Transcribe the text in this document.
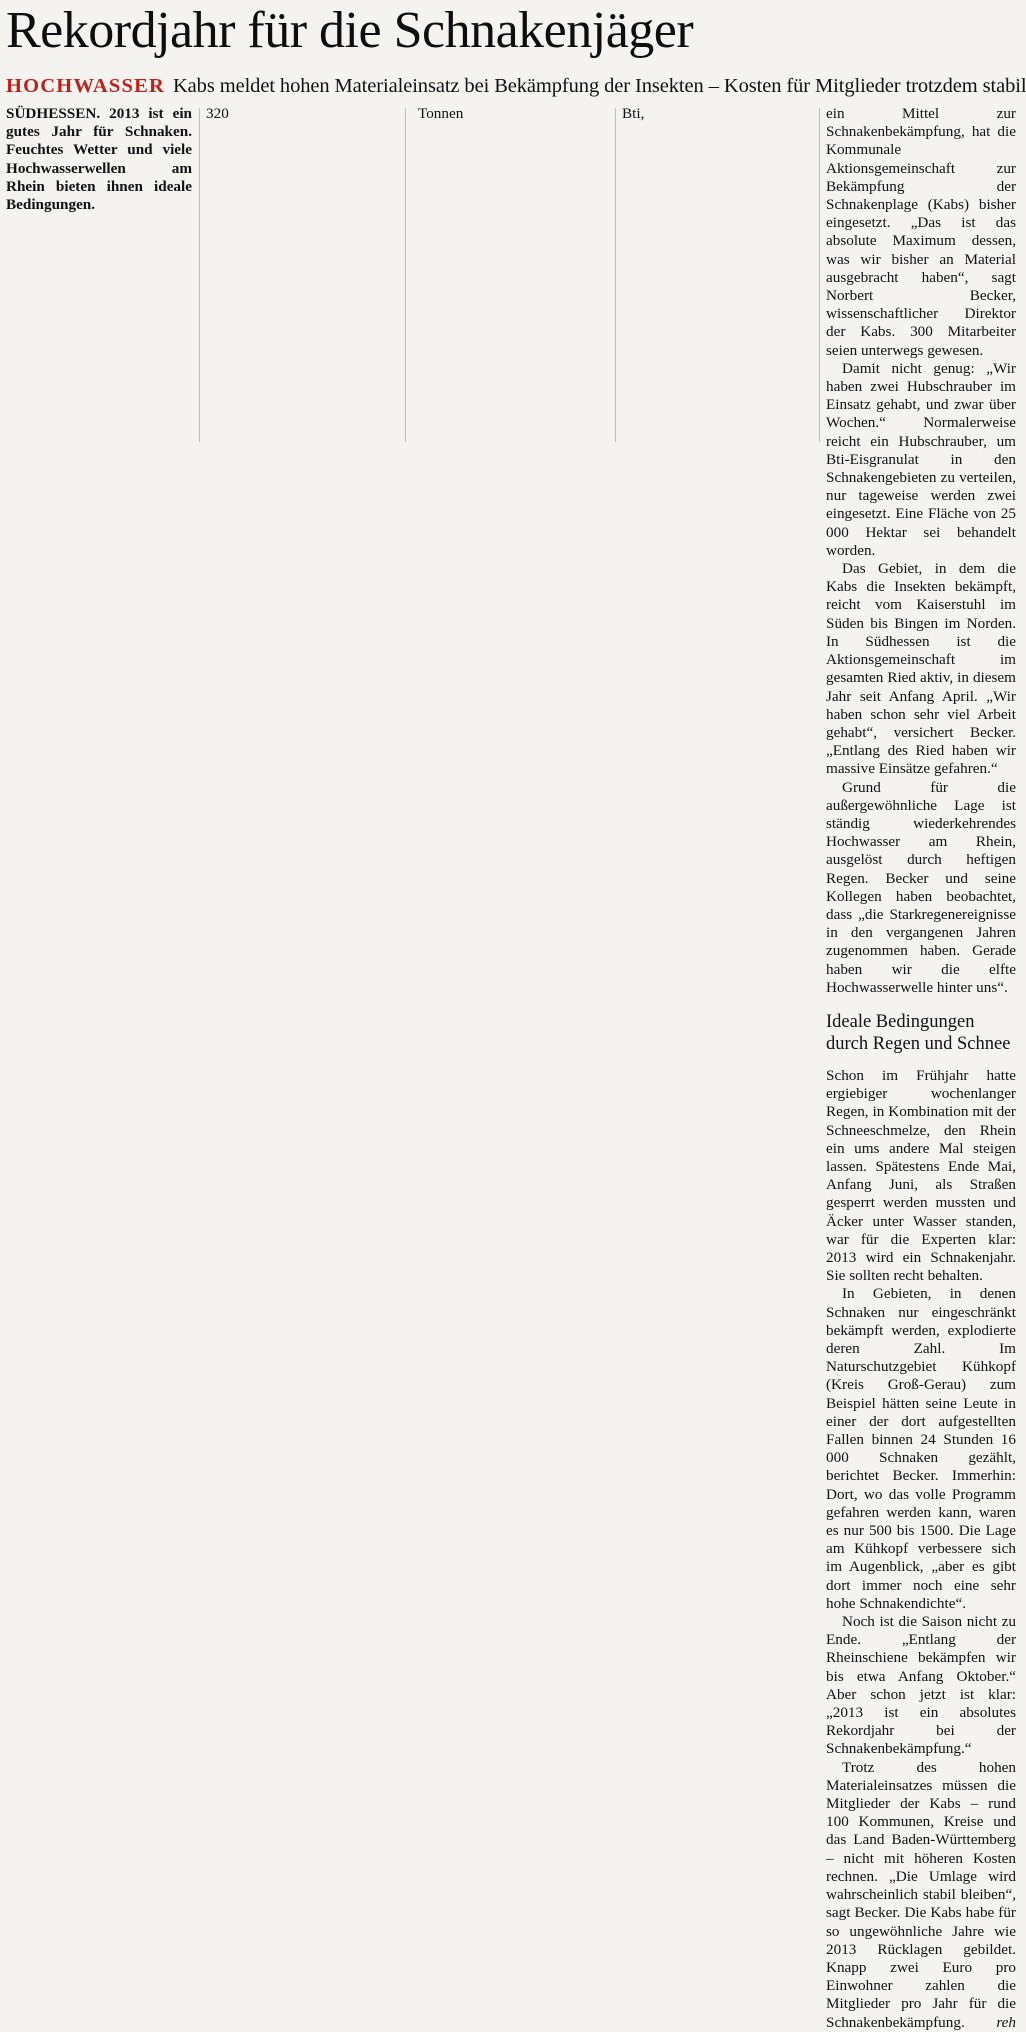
Rekordjahr für die Schnakenjäger
HOCHWASSER Kabs meldet hohen Materialeinsatz bei Bekämpfung der Insekten – Kosten für Mitglieder trotzdem stabil

SÜDHESSEN. 2013 ist ein gutes Jahr für Schnaken. Feuchtes Wetter und viele Hochwasserwellen am Rhein bieten ihnen ideale Bedingungen.

320	Tonnen	Bti,	ein Mittel zur Schnakenbekämpfung, hat die Kommunale Aktionsgemeinschaft zur Bekämpfung der Schnakenplage (Kabs) bisher eingesetzt. „Das ist das absolute Maximum dessen, was wir bisher an Material ausgebracht haben“, sagt Norbert Becker, wissenschaftlicher Direktor der Kabs. 300 Mitarbeiter seien unterwegs gewesen.

Damit nicht genug: „Wir haben zwei Hubschrauber im Einsatz gehabt, und zwar über Wochen.“ Normalerweise reicht ein Hubschrauber, um Bti-Eisgranulat in den Schnakengebieten zu verteilen, nur tageweise werden zwei eingesetzt. Eine Fläche von 25 000 Hektar sei behandelt worden.

Das Gebiet, in dem die Kabs die Insekten bekämpft, reicht vom Kaiserstuhl im Süden bis Bingen im Norden. In Südhessen ist die Aktionsgemeinschaft im gesamten Ried aktiv, in diesem Jahr seit Anfang April. „Wir haben schon sehr viel Arbeit gehabt“, versichert Becker. „Entlang des Ried haben wir massive Einsätze gefahren.“

Grund für die außergewöhnliche Lage ist ständig wiederkehrendes Hochwasser am Rhein, ausgelöst durch heftigen Regen. Becker und seine Kollegen haben beobachtet, dass „die Starkregenereignisse in den vergangenen Jahren zugenommen haben. Gerade haben wir die elfte Hochwasserwelle hinter uns“.

Ideale Bedingungen durch Regen und Schnee

Schon im Frühjahr hatte ergiebiger wochenlanger Regen, in Kombination mit der Schneeschmelze, den Rhein ein ums andere Mal steigen lassen. Spätestens Ende Mai, Anfang Juni, als Straßen gesperrt werden mussten und Äcker unter Wasser standen, war für die Experten klar: 2013 wird ein Schnakenjahr. Sie sollten recht behalten.

In Gebieten, in denen Schnaken nur eingeschränkt bekämpft werden, explodierte deren Zahl. Im Naturschutzgebiet Kühkopf (Kreis Groß-Gerau) zum Beispiel hätten seine Leute in einer der dort aufgestellten Fallen binnen 24 Stunden 16 000 Schnaken gezählt, berichtet Becker. Immerhin: Dort, wo das volle Programm gefahren werden kann, waren es nur 500 bis 1500. Die Lage am Kühkopf verbessere sich im Augenblick, „aber es gibt dort immer noch eine sehr hohe Schnakendichte“.

Noch ist die Saison nicht zu Ende. „Entlang der Rheinschiene bekämpfen wir bis etwa Anfang Oktober.“ Aber schon jetzt ist klar: „2013 ist ein absolutes Rekordjahr bei der Schnakenbekämpfung.“

Trotz des hohen Materialeinsatzes müssen die Mitglieder der Kabs – rund 100 Kommunen, Kreise und das Land Baden-Württemberg – nicht mit höheren Kosten rechnen. „Die Umlage wird wahrscheinlich stabil bleiben“, sagt Becker. Die Kabs habe für so ungewöhnliche Jahre wie 2013 Rücklagen gebildet. Knapp zwei Euro pro Einwohner zahlen die Mitglieder pro Jahr für die Schnakenbekämpfung.	reh
